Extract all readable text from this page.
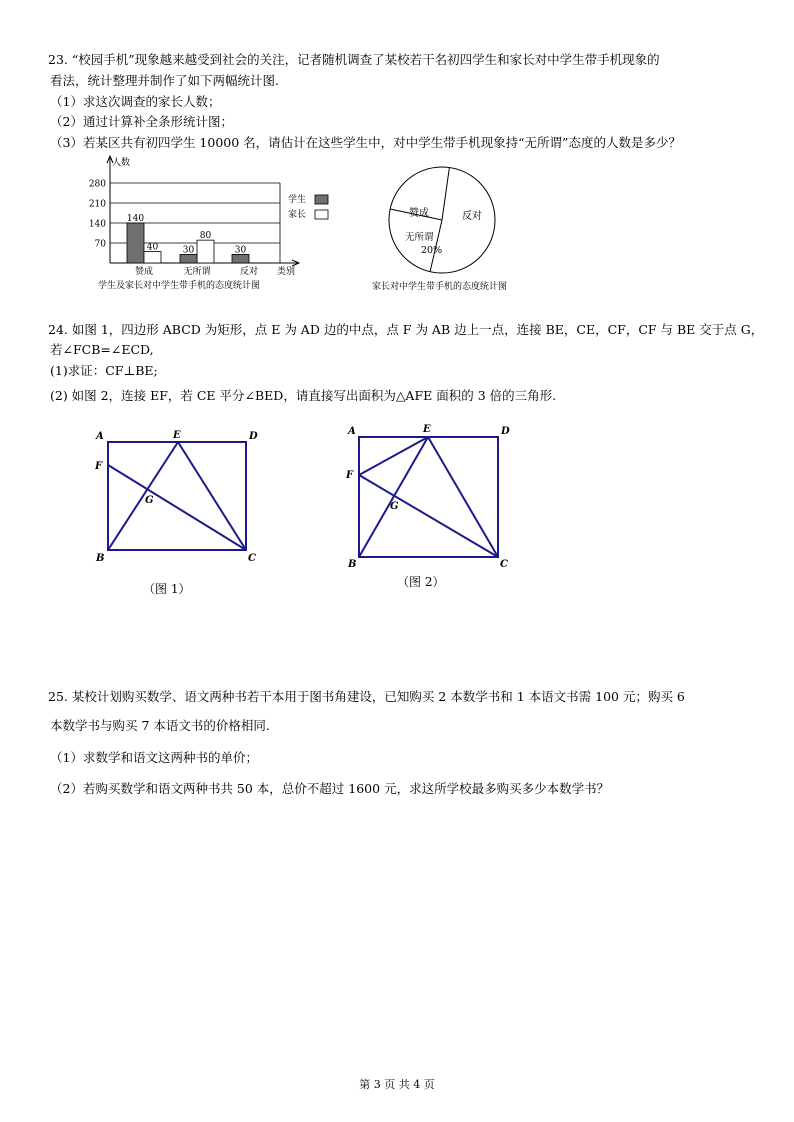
23. “校园手机”现象越来越受到社会的关注，记者随机调查了某校若干名初四学生和家长对中学生带手机现象的
看法，统计整理并制作了如下两幅统计图.
（1）求这次调查的家长人数；
（2）通过计算补全条形统计图；
（3）若某区共有初四学生 10000 名，请估计在这些学生中，对中学生带手机现象持“无所谓”态度的人数是多少？
70
140
210
280
人数
类别
赞成
140
40
无所谓
80
30
反对
30
学生
家长
学生及家长对中学生带手机的态度统计图
赞成	反对
无所谓
20%
家长对中学生带手机的态度统计图
24. 如图 1，四边形 ABCD 为矩形，点 E 为 AD 边的中点，点 F 为 AB 边上一点，连接 BE，CE，CF，CF 与 BE 交于点 G，
若∠FCB=∠ECD,
(1)求证：CF⊥BE;
(2) 如图 2，连接 EF，若 CE 平分∠BED，请直接写出面积为△AFE 面积的 3 倍的三角形.
A	E	D
F
G
B	C
（图 1）
A	E	D
F
G
B	C
（图 2）
25. 某校计划购买数学、语文两种书若干本用于图书角建设，已知购买 2 本数学书和 1 本语文书需 100 元；购买 6
本数学书与购买 7 本语文书的价格相同.
（1）求数学和语文这两种书的单价；
（2）若购买数学和语文两种书共 50 本，总价不超过 1600 元，求这所学校最多购买多少本数学书？
第 3 页 共 4 页
